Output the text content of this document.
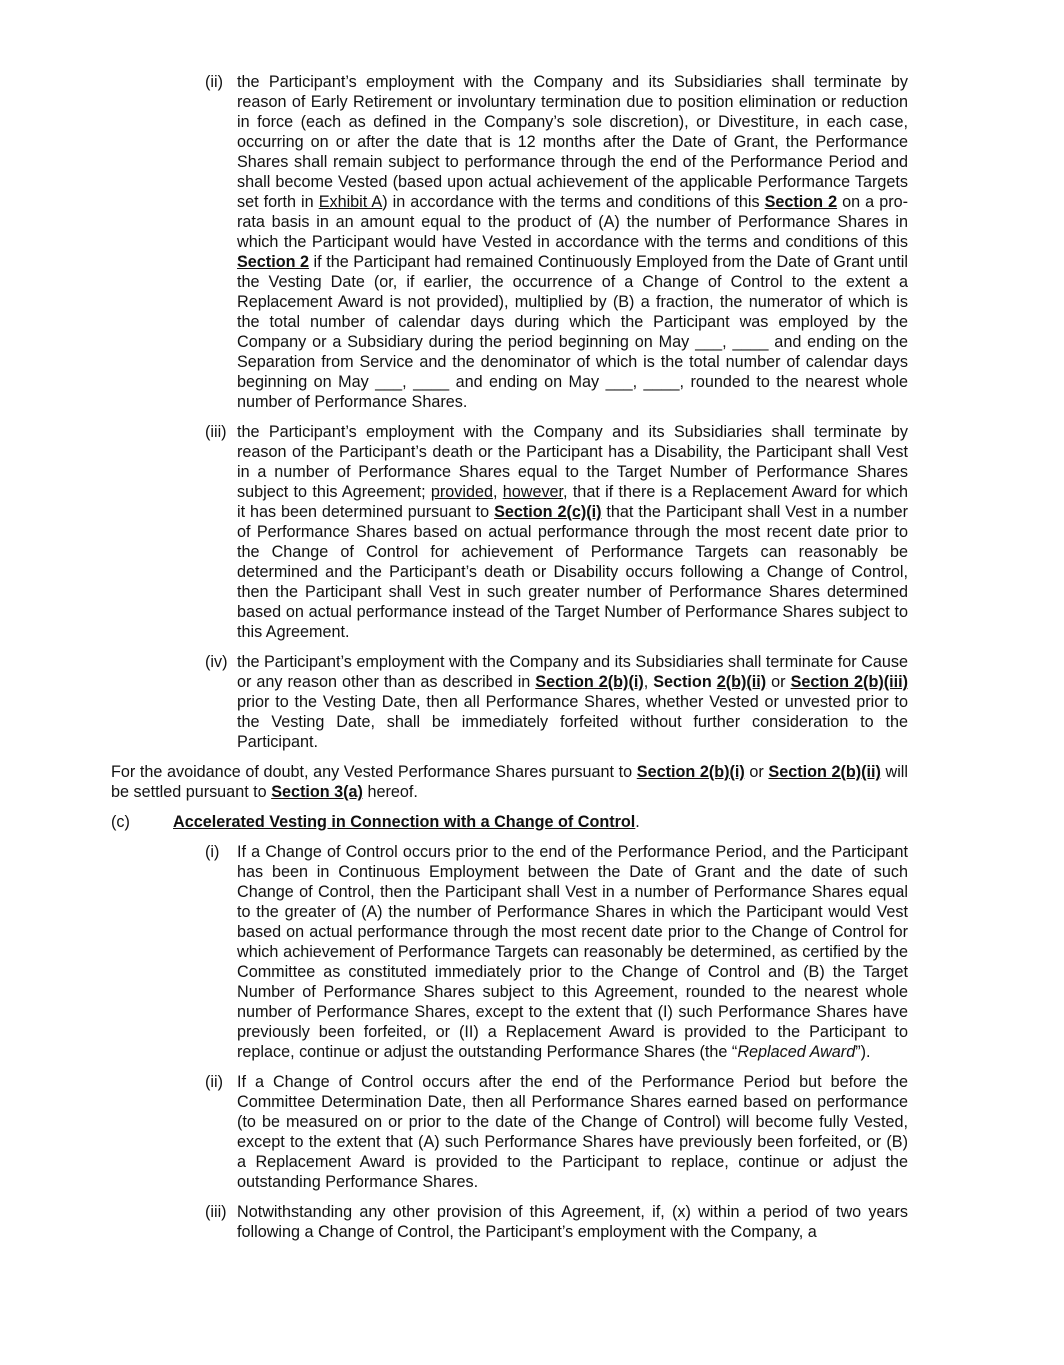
(ii) the Participant’s employment with the Company and its Subsidiaries shall terminate by reason of Early Retirement or involuntary termination due to position elimination or reduction in force (each as defined in the Company’s sole discretion), or Divestiture, in each case, occurring on or after the date that is 12 months after the Date of Grant, the Performance Shares shall remain subject to performance through the end of the Performance Period and shall become Vested (based upon actual achievement of the applicable Performance Targets set forth in Exhibit A) in accordance with the terms and conditions of this Section 2 on a pro-rata basis in an amount equal to the product of (A) the number of Performance Shares in which the Participant would have Vested in accordance with the terms and conditions of this Section 2 if the Participant had remained Continuously Employed from the Date of Grant until the Vesting Date (or, if earlier, the occurrence of a Change of Control to the extent a Replacement Award is not provided), multiplied by (B) a fraction, the numerator of which is the total number of calendar days during which the Participant was employed by the Company or a Subsidiary during the period beginning on May ___, ____ and ending on the Separation from Service and the denominator of which is the total number of calendar days beginning on May ___, ____ and ending on May ___, ____, rounded to the nearest whole number of Performance Shares.
(iii) the Participant’s employment with the Company and its Subsidiaries shall terminate by reason of the Participant’s death or the Participant has a Disability, the Participant shall Vest in a number of Performance Shares equal to the Target Number of Performance Shares subject to this Agreement; provided, however, that if there is a Replacement Award for which it has been determined pursuant to Section 2(c)(i) that the Participant shall Vest in a number of Performance Shares based on actual performance through the most recent date prior to the Change of Control for achievement of Performance Targets can reasonably be determined and the Participant’s death or Disability occurs following a Change of Control, then the Participant shall Vest in such greater number of Performance Shares determined based on actual performance instead of the Target Number of Performance Shares subject to this Agreement.
(iv) the Participant’s employment with the Company and its Subsidiaries shall terminate for Cause or any reason other than as described in Section 2(b)(i), Section 2(b)(ii) or Section 2(b)(iii) prior to the Vesting Date, then all Performance Shares, whether Vested or unvested prior to the Vesting Date, shall be immediately forfeited without further consideration to the Participant.
For the avoidance of doubt, any Vested Performance Shares pursuant to Section 2(b)(i) or Section 2(b)(ii) will be settled pursuant to Section 3(a) hereof.
(c)	Accelerated Vesting in Connection with a Change of Control.
(i) If a Change of Control occurs prior to the end of the Performance Period, and the Participant has been in Continuous Employment between the Date of Grant and the date of such Change of Control, then the Participant shall Vest in a number of Performance Shares equal to the greater of (A) the number of Performance Shares in which the Participant would Vest based on actual performance through the most recent date prior to the Change of Control for which achievement of Performance Targets can reasonably be determined, as certified by the Committee as constituted immediately prior to the Change of Control and (B) the Target Number of Performance Shares subject to this Agreement, rounded to the nearest whole number of Performance Shares, except to the extent that (I) such Performance Shares have previously been forfeited, or (II) a Replacement Award is provided to the Participant to replace, continue or adjust the outstanding Performance Shares (the “Replaced Award”).
(ii) If a Change of Control occurs after the end of the Performance Period but before the Committee Determination Date, then all Performance Shares earned based on performance (to be measured on or prior to the date of the Change of Control) will become fully Vested, except to the extent that (A) such Performance Shares have previously been forfeited, or (B) a Replacement Award is provided to the Participant to replace, continue or adjust the outstanding Performance Shares.
(iii) Notwithstanding any other provision of this Agreement, if, (x) within a period of two years following a Change of Control, the Participant’s employment with the Company, a
